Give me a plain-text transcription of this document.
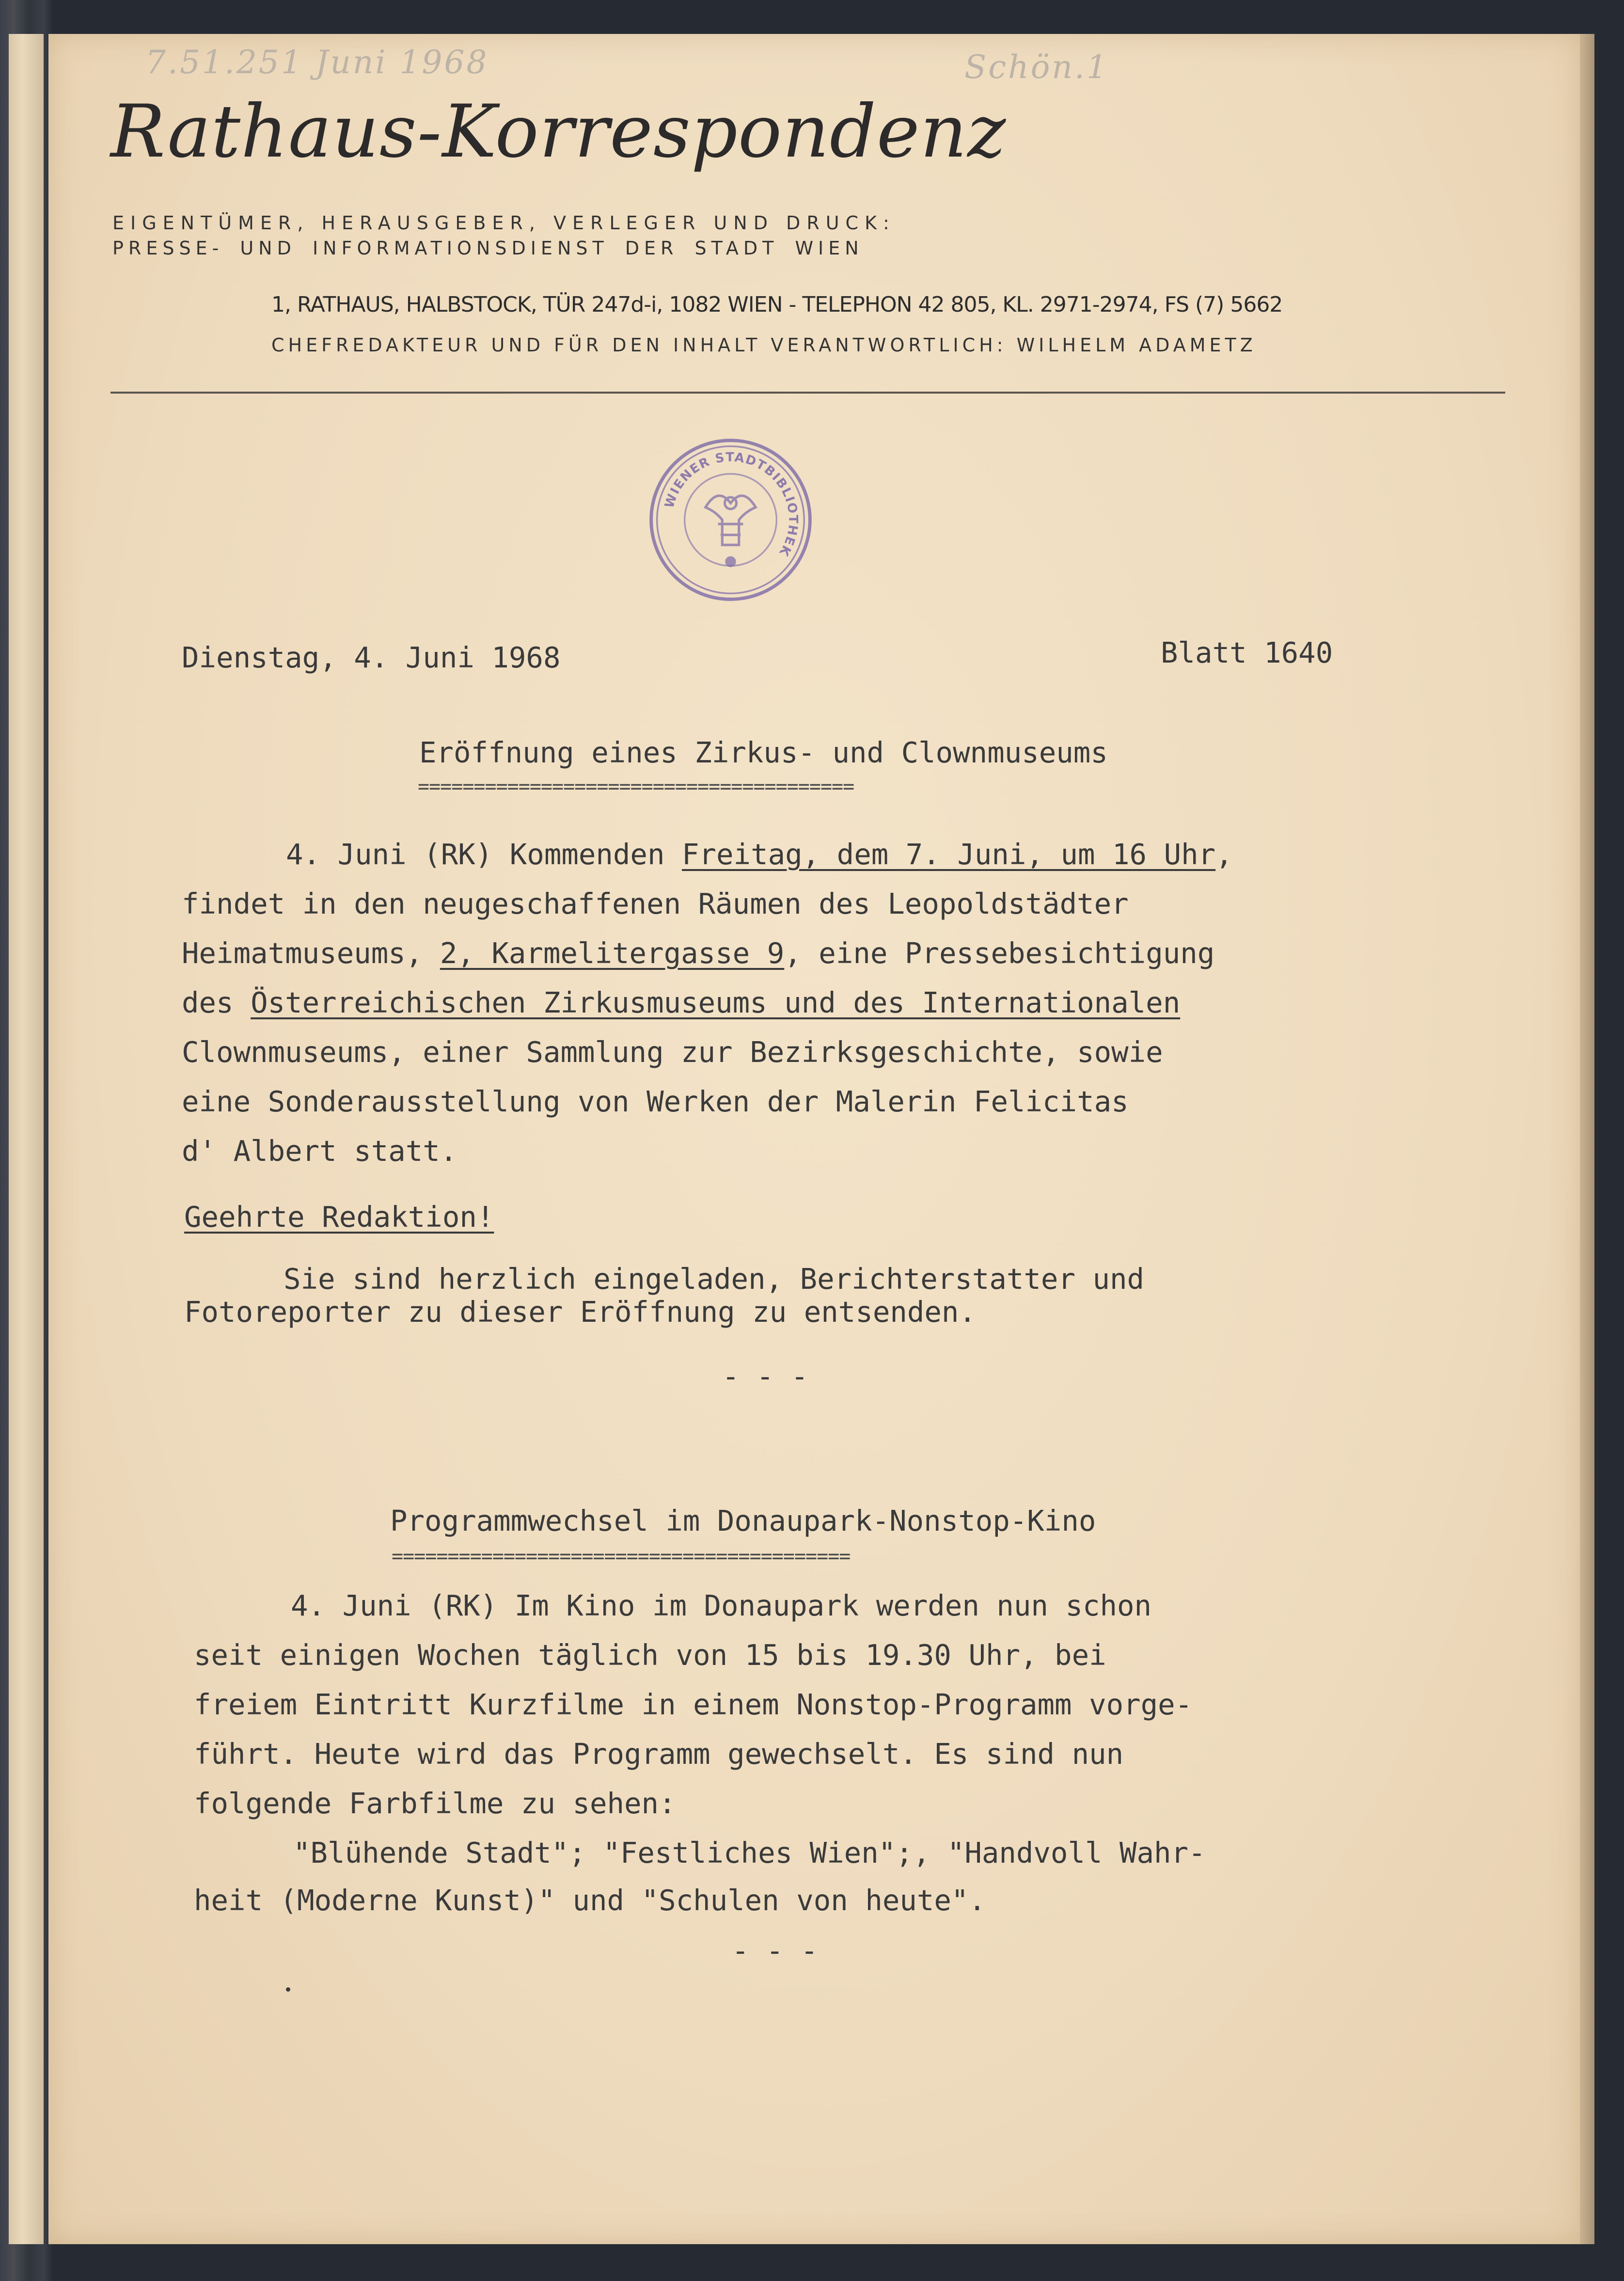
7.51.251 Juni 1968	Schön.1
Rathaus-Korrespondenz
EIGENTÜMER, HERAUSGEBER, VERLEGER UND DRUCK:
PRESSE- UND INFORMATIONSDIENST DER STADT WIEN
1, RATHAUS, HALBSTOCK, TÜR 247d-i, 1082 WIEN - TELEPHON 42 805, KL. 2971-2974, FS (7) 5662
CHEFREDAKTEUR UND FÜR DEN INHALT VERANTWORTLICH: WILHELM ADAMETZ
WIENER STADTBIBLIOTHEK
Dienstag, 4. Juni 1968	Blatt 1640
Eröffnung eines Zirkus- und Clownmuseums
=======================================
4. Juni (RK) Kommenden Freitag, dem 7. Juni, um 16 Uhr,
findet in den neugeschaffenen Räumen des Leopoldstädter
Heimatmuseums, 2, Karmelitergasse 9, eine Pressebesichtigung
des Österreichischen Zirkusmuseums und des Internationalen
Clownmuseums, einer Sammlung zur Bezirksgeschichte, sowie
eine Sonderausstellung von Werken der Malerin Felicitas
d' Albert statt.
Geehrte Redaktion!
Sie sind herzlich eingeladen, Berichterstatter und
Fotoreporter zu dieser Eröffnung zu entsenden.
- - -
Programmwechsel im Donaupark-Nonstop-Kino
=========================================
4. Juni (RK) Im Kino im Donaupark werden nun schon
seit einigen Wochen täglich von 15 bis 19.30 Uhr, bei
freiem Eintritt Kurzfilme in einem Nonstop-Programm vorge-
führt. Heute wird das Programm gewechselt. Es sind nun
folgende Farbfilme zu sehen:
"Blühende Stadt"; "Festliches Wien";, "Handvoll Wahr-
heit (Moderne Kunst)" und "Schulen von heute".
- - -
